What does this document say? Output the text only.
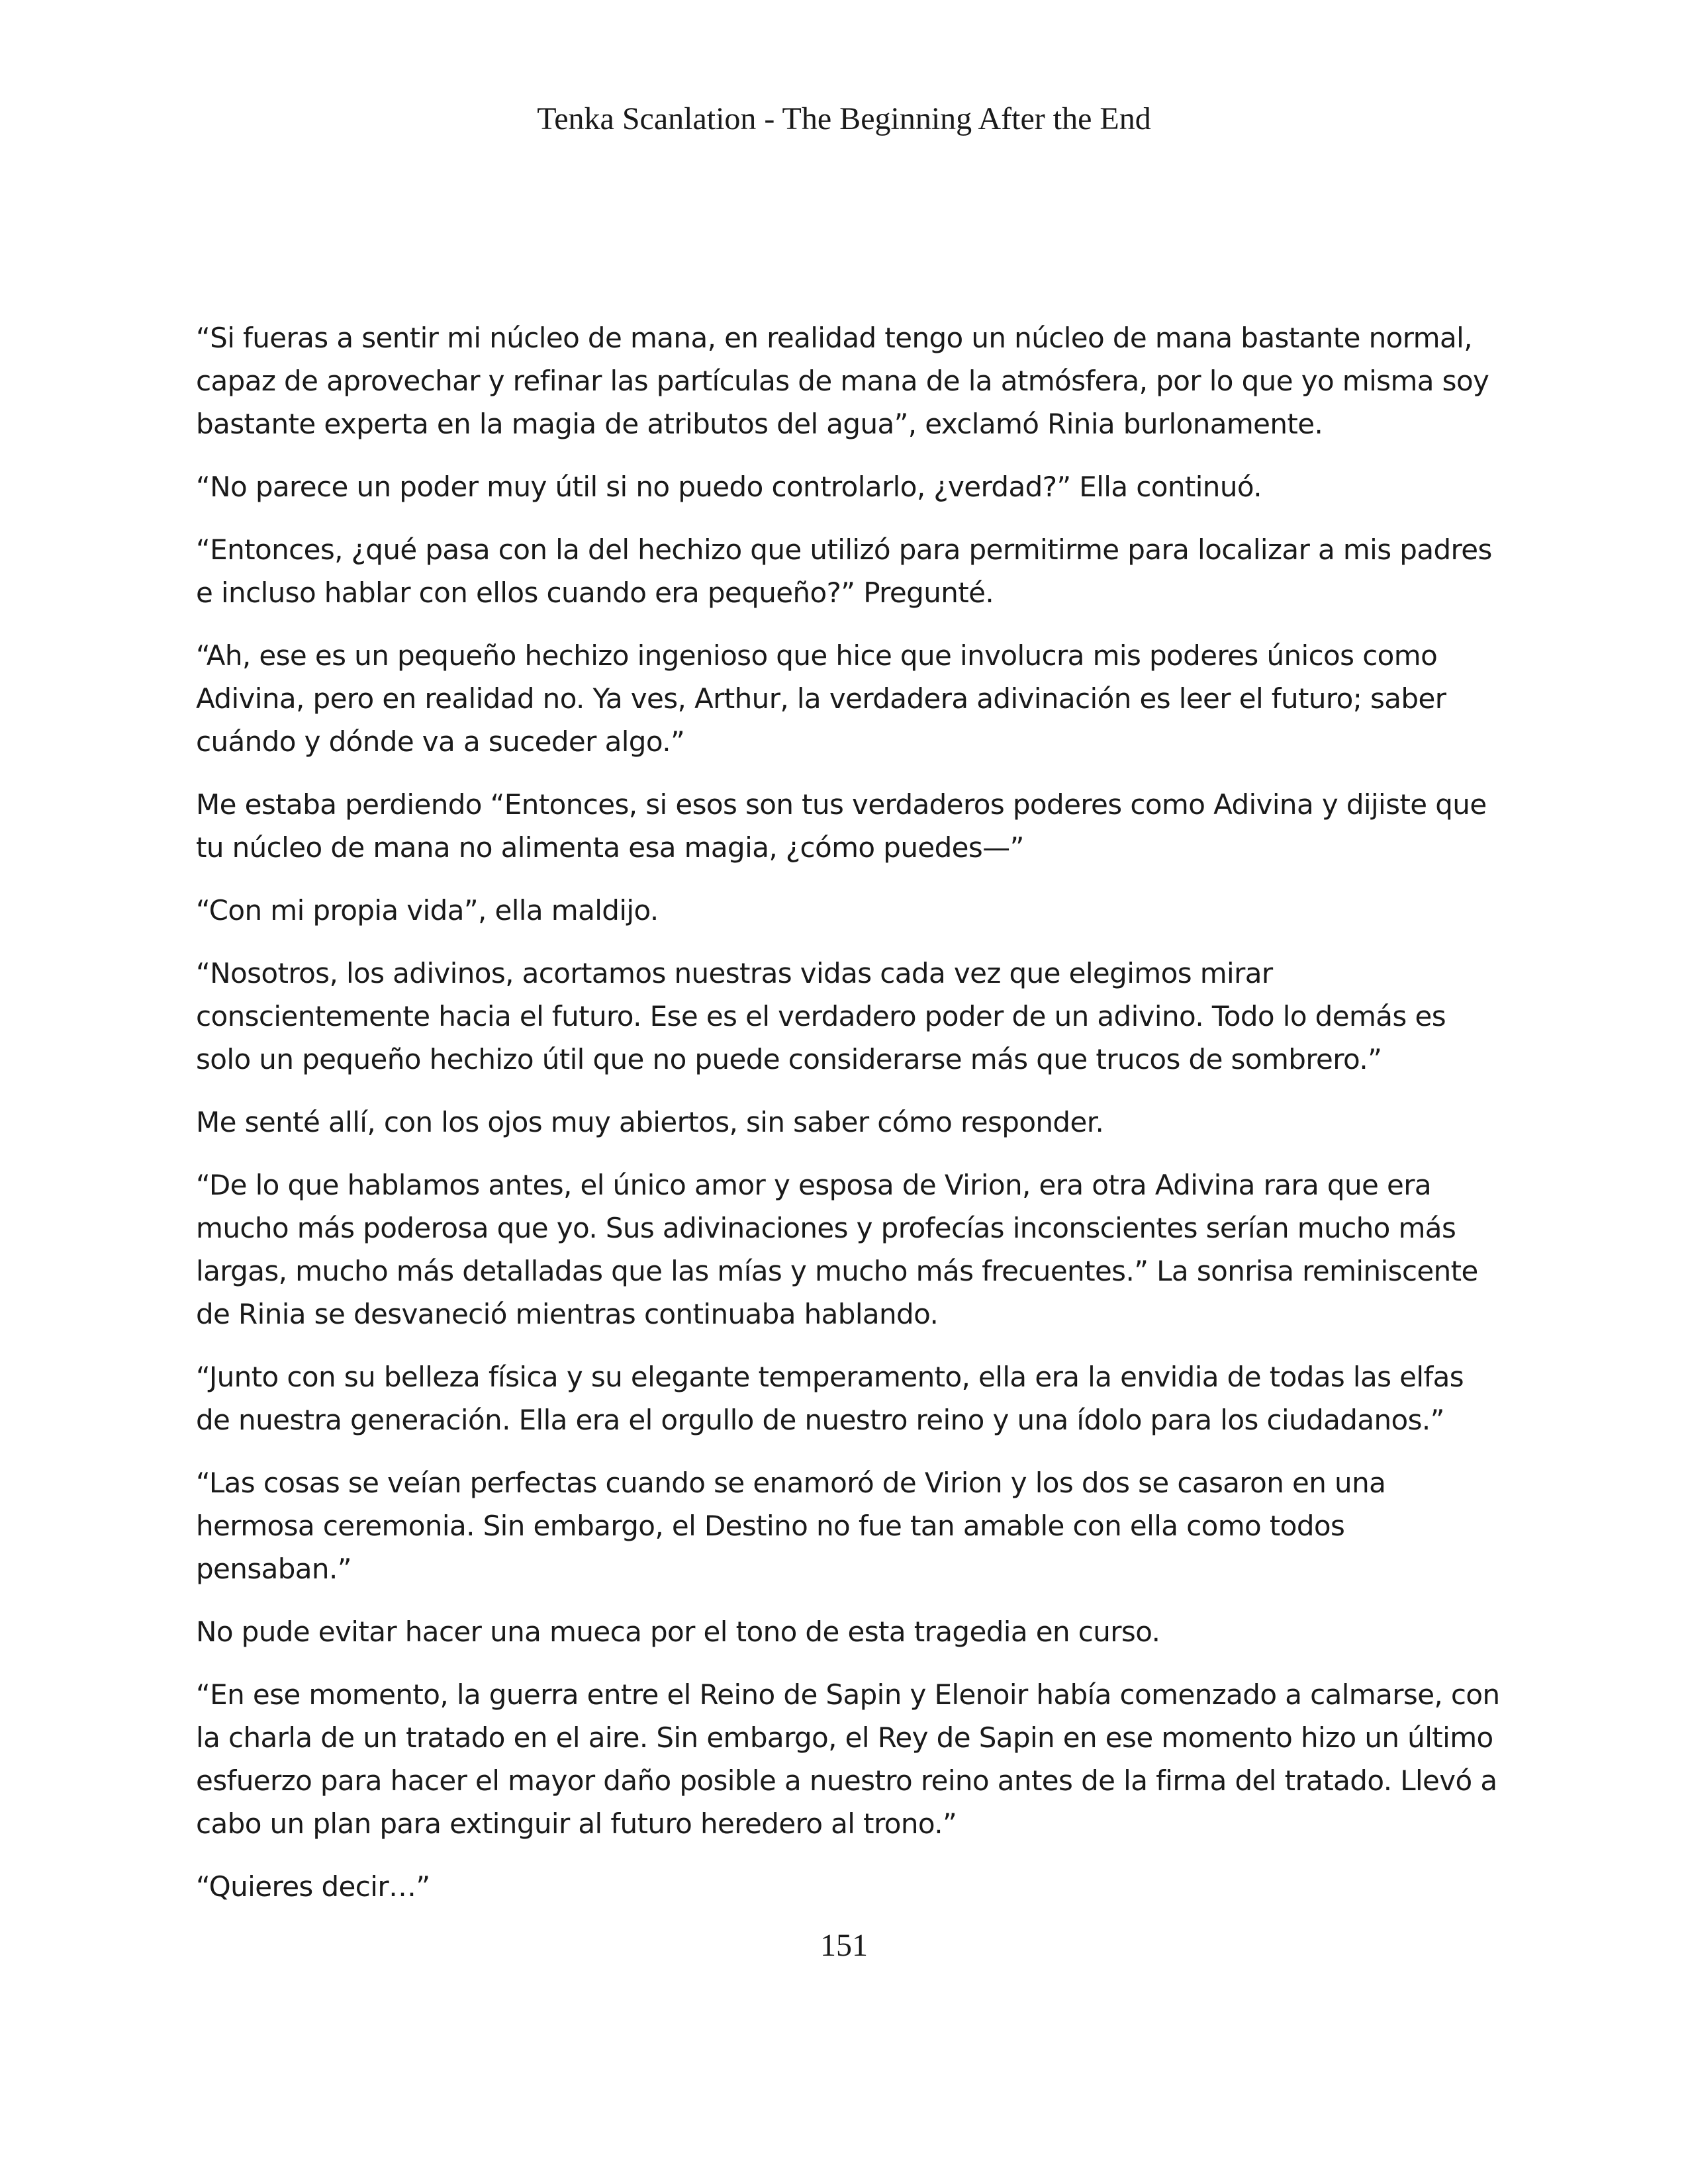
Tenka Scanlation - The Beginning After the End

“Si fueras a sentir mi núcleo de mana, en realidad tengo un núcleo de mana bastante normal, capaz de aprovechar y refinar las partículas de mana de la atmósfera, por lo que yo misma soy bastante experta en la magia de atributos del agua”, exclamó Rinia burlonamente.

“No parece un poder muy útil si no puedo controlarlo, ¿verdad?” Ella continuó.

“Entonces, ¿qué pasa con la del hechizo que utilizó para permitirme para localizar a mis padres e incluso hablar con ellos cuando era pequeño?” Pregunté.

“Ah, ese es un pequeño hechizo ingenioso que hice que involucra mis poderes únicos como Adivina, pero en realidad no. Ya ves, Arthur, la verdadera adivinación es leer el futuro; saber cuándo y dónde va a suceder algo.”

Me estaba perdiendo “Entonces, si esos son tus verdaderos poderes como Adivina y dijiste que tu núcleo de mana no alimenta esa magia, ¿cómo puedes—”

“Con mi propia vida”, ella maldijo.

“Nosotros, los adivinos, acortamos nuestras vidas cada vez que elegimos mirar conscientemente hacia el futuro. Ese es el verdadero poder de un adivino. Todo lo demás es solo un pequeño hechizo útil que no puede considerarse más que trucos de sombrero.”

Me senté allí, con los ojos muy abiertos, sin saber cómo responder.

“De lo que hablamos antes, el único amor y esposa de Virion, era otra Adivina rara que era mucho más poderosa que yo. Sus adivinaciones y profecías inconscientes serían mucho más largas, mucho más detalladas que las mías y mucho más frecuentes.” La sonrisa reminiscente de Rinia se desvaneció mientras continuaba hablando.

“Junto con su belleza física y su elegante temperamento, ella era la envidia de todas las elfas de nuestra generación. Ella era el orgullo de nuestro reino y una ídolo para los ciudadanos.”

“Las cosas se veían perfectas cuando se enamoró de Virion y los dos se casaron en una hermosa ceremonia. Sin embargo, el Destino no fue tan amable con ella como todos pensaban.”

No pude evitar hacer una mueca por el tono de esta tragedia en curso.

“En ese momento, la guerra entre el Reino de Sapin y Elenoir había comenzado a calmarse, con la charla de un tratado en el aire. Sin embargo, el Rey de Sapin en ese momento hizo un último esfuerzo para hacer el mayor daño posible a nuestro reino antes de la firma del tratado. Llevó a cabo un plan para extinguir al futuro heredero al trono.”

“Quieres decir…”

151
